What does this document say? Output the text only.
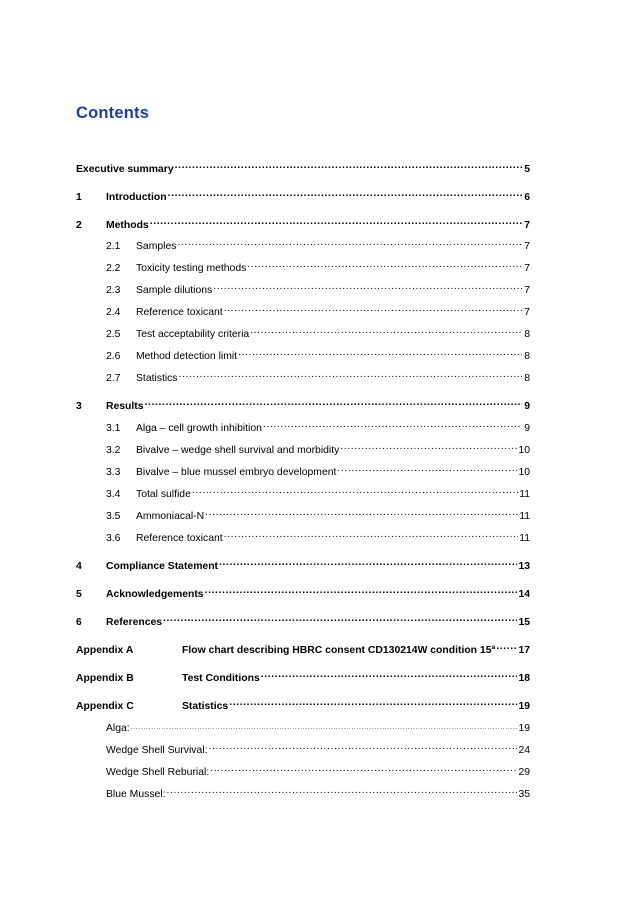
Contents
Executive summary .....	5
1	Introduction .....	6
2	Methods .....	7
2.1	Samples .....	7
2.2	Toxicity testing methods .....	7
2.3	Sample dilutions .....	7
2.4	Reference toxicant .....	7
2.5	Test acceptability criteria .....	8
2.6	Method detection limit .....	8
2.7	Statistics .....	8
3	Results .....	9
3.1	Alga – cell growth inhibition .....	9
3.2	Bivalve – wedge shell survival and morbidity .....	10
3.3	Bivalve – blue mussel embryo development .....	10
3.4	Total sulfide .....	11
3.5	Ammoniacal-N .....	11
3.6	Reference toxicant .....	11
4	Compliance Statement .....	13
5	Acknowledgements .....	14
6	References .....	15
Appendix A	Flow chart describing HBRC consent CD130214W condition 15ª ..... 17
Appendix B	Test Conditions .....	18
Appendix C	Statistics .....	19
Alga: .....	19
Wedge Shell Survival: .....	24
Wedge Shell Reburial: .....	29
Blue Mussel: .....	35
